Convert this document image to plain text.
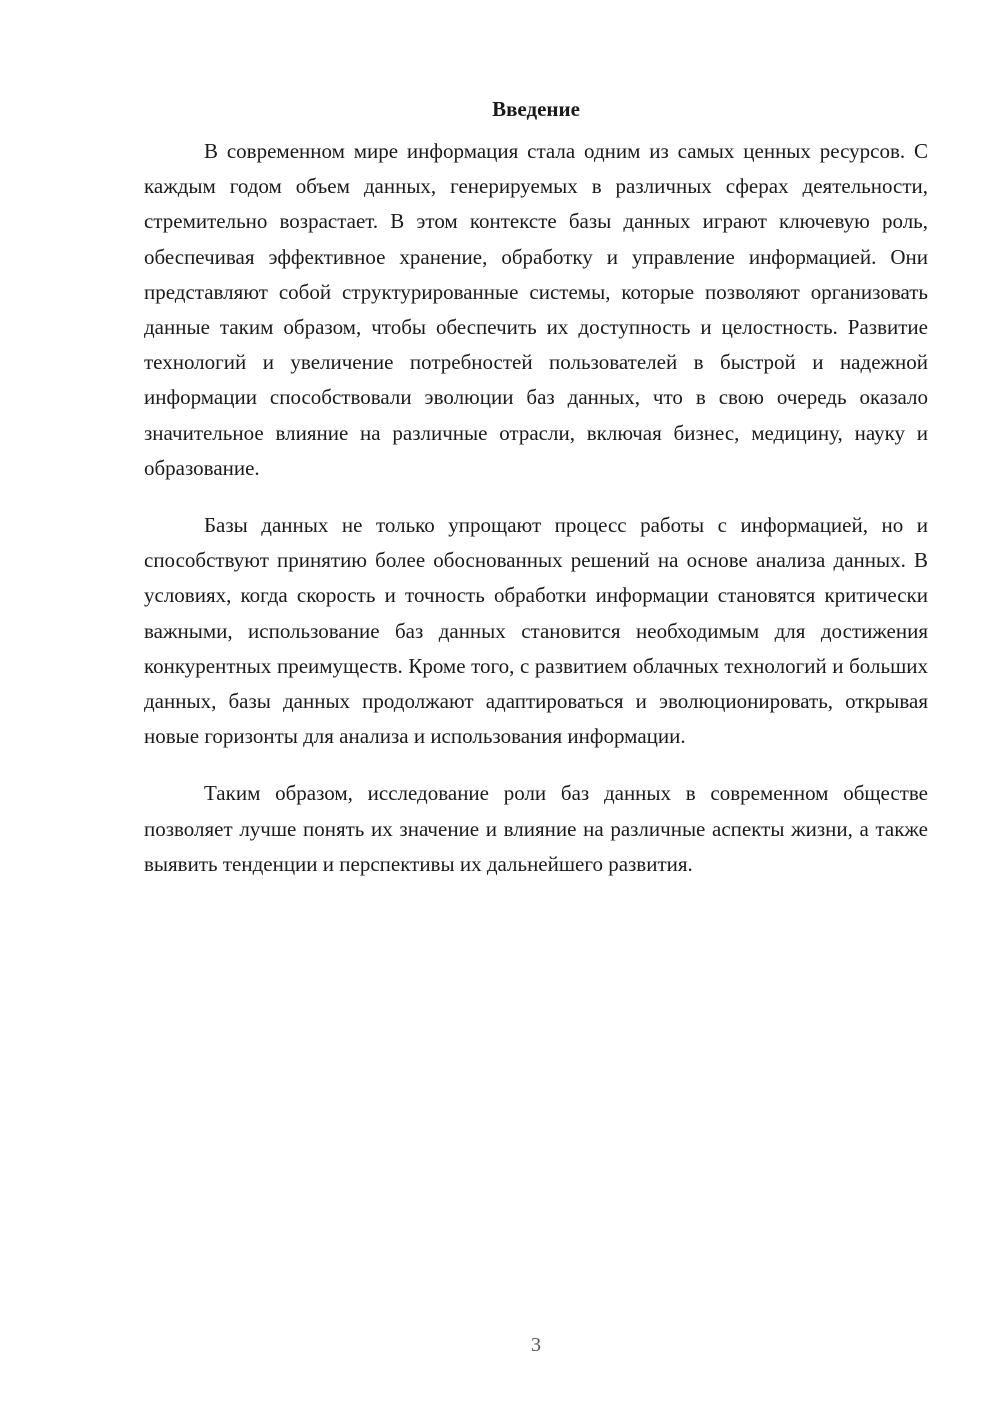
Введение

В современном мире информация стала одним из самых ценных ресурсов. С каждым годом объем данных, генерируемых в различных сферах деятельности, стремительно возрастает. В этом контексте базы данных играют ключевую роль, обеспечивая эффективное хранение, обработку и управление информацией. Они представляют собой структурированные системы, которые позволяют организовать данные таким образом, чтобы обеспечить их доступность и целостность. Развитие технологий и увеличение потребностей пользователей в быстрой и надежной информации способствовали эволюции баз данных, что в свою очередь оказало значительное влияние на различные отрасли, включая бизнес, медицину, науку и образование.

Базы данных не только упрощают процесс работы с информацией, но и способствуют принятию более обоснованных решений на основе анализа данных. В условиях, когда скорость и точность обработки информации становятся критически важными, использование баз данных становится необходимым для достижения конкурентных преимуществ. Кроме того, с развитием облачных технологий и больших данных, базы данных продолжают адаптироваться и эволюционировать, открывая новые горизонты для анализа и использования информации.

Таким образом, исследование роли баз данных в современном обществе позволяет лучше понять их значение и влияние на различные аспекты жизни, а также выявить тенденции и перспективы их дальнейшего развития.

3
